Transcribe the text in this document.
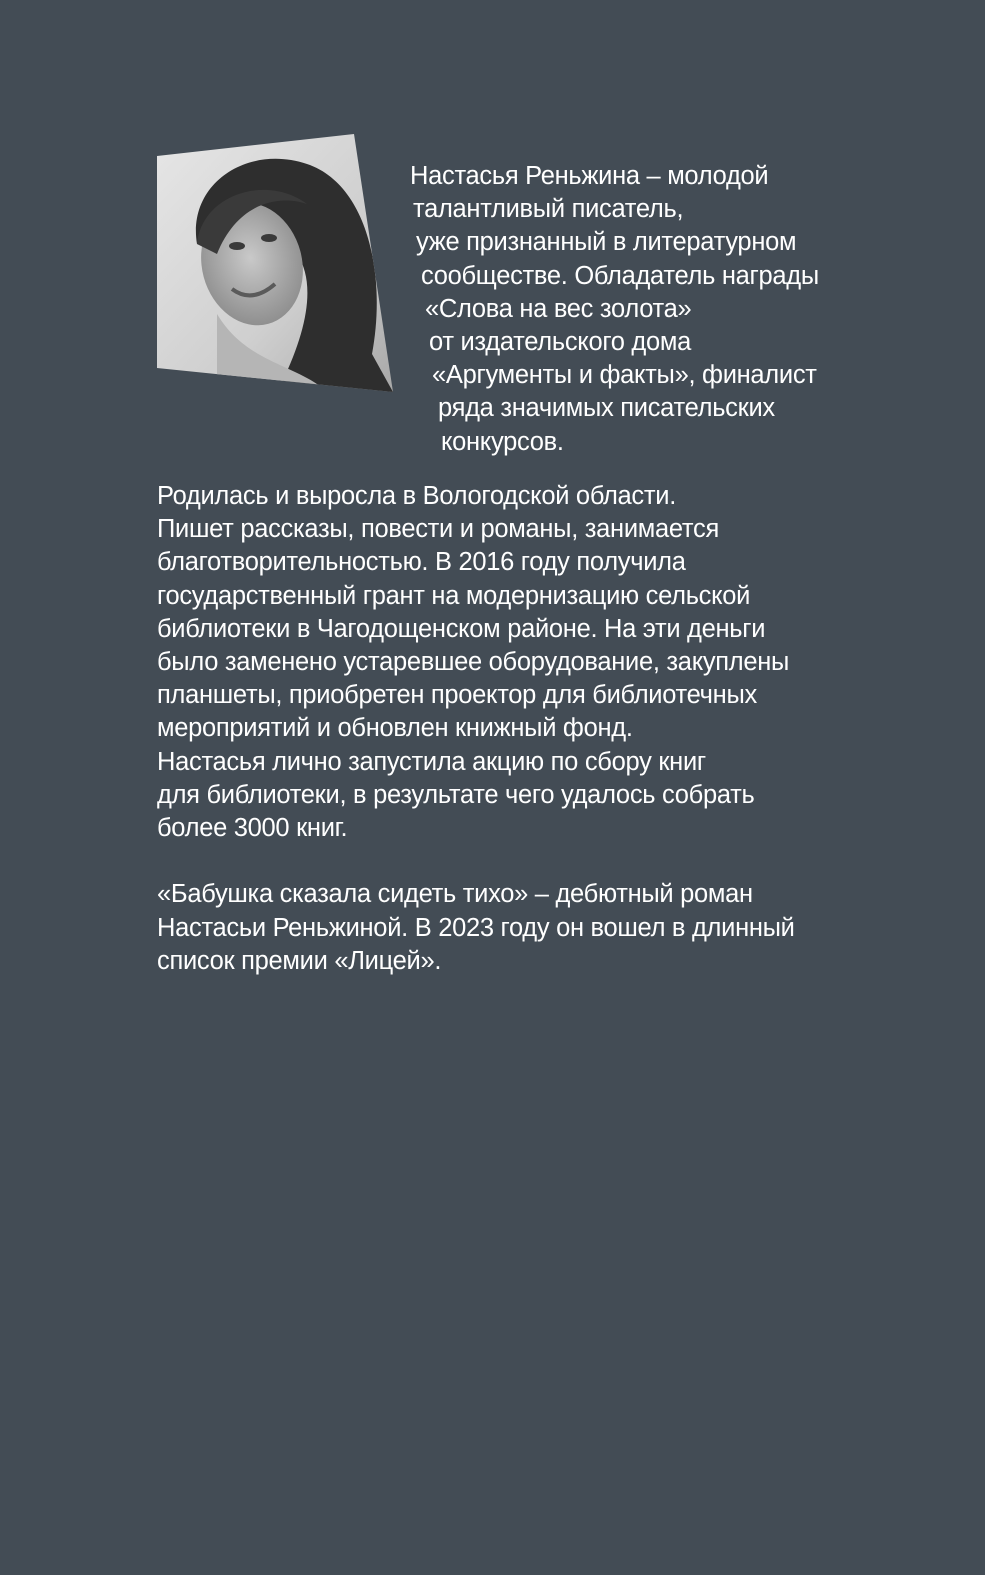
Настасья Реньжина – молодой
талантливый писатель,
уже признанный в литературном
сообществе. Обладатель награды
«Слова на вес золота»
от издательского дома
«Аргументы и факты», финалист
ряда значимых писательских
конкурсов.
Родилась и выросла в Вологодской области.
Пишет рассказы, повести и романы, занимается
благотворительностью. В 2016 году получила
государственный грант на модернизацию сельской
библиотеки в Чагодощенском районе. На эти деньги
было заменено устаревшее оборудование, закуплены
планшеты, приобретен проектор для библиотечных
мероприятий и обновлен книжный фонд.
Настасья лично запустила акцию по сбору книг
для библиотеки, в результате чего удалось собрать
более 3000 книг.
«Бабушка сказала сидеть тихо» – дебютный роман
Настасьи Реньжиной. В 2023 году он вошел в длинный
список премии «Лицей».
